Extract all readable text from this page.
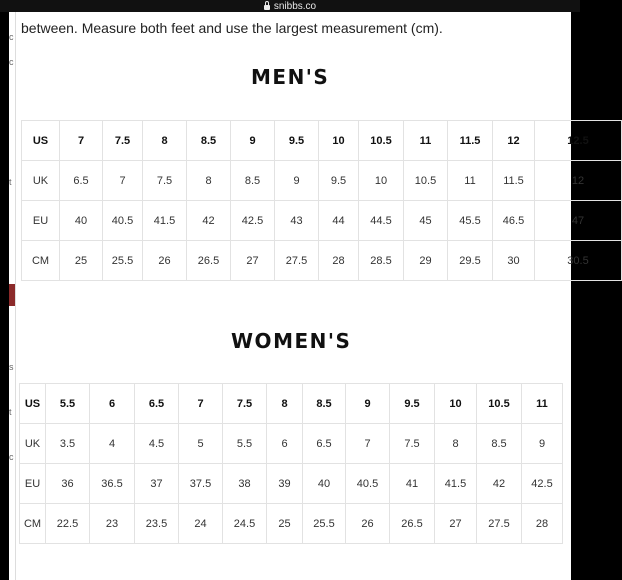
snibbs.co
c
c
t
s
t
c
between. Measure both feet and use the largest measurement (cm).
MEN'S
US	7	7.5	8	8.5	9	9.5	10	10.5	11	11.5	12	12.5
UK	6.5	7	7.5	8	8.5	9	9.5	10	10.5	11	11.5	12
EU	40	40.5	41.5	42	42.5	43	44	44.5	45	45.5	46.5	47
CM	25	25.5	26	26.5	27	27.5	28	28.5	29	29.5	30	30.5
WOMEN'S
US	5.5	6	6.5	7	7.5	8	8.5	9	9.5	10	10.5	11
UK	3.5	4	4.5	5	5.5	6	6.5	7	7.5	8	8.5	9
EU	36	36.5	37	37.5	38	39	40	40.5	41	41.5	42	42.5
CM	22.5	23	23.5	24	24.5	25	25.5	26	26.5	27	27.5	28
